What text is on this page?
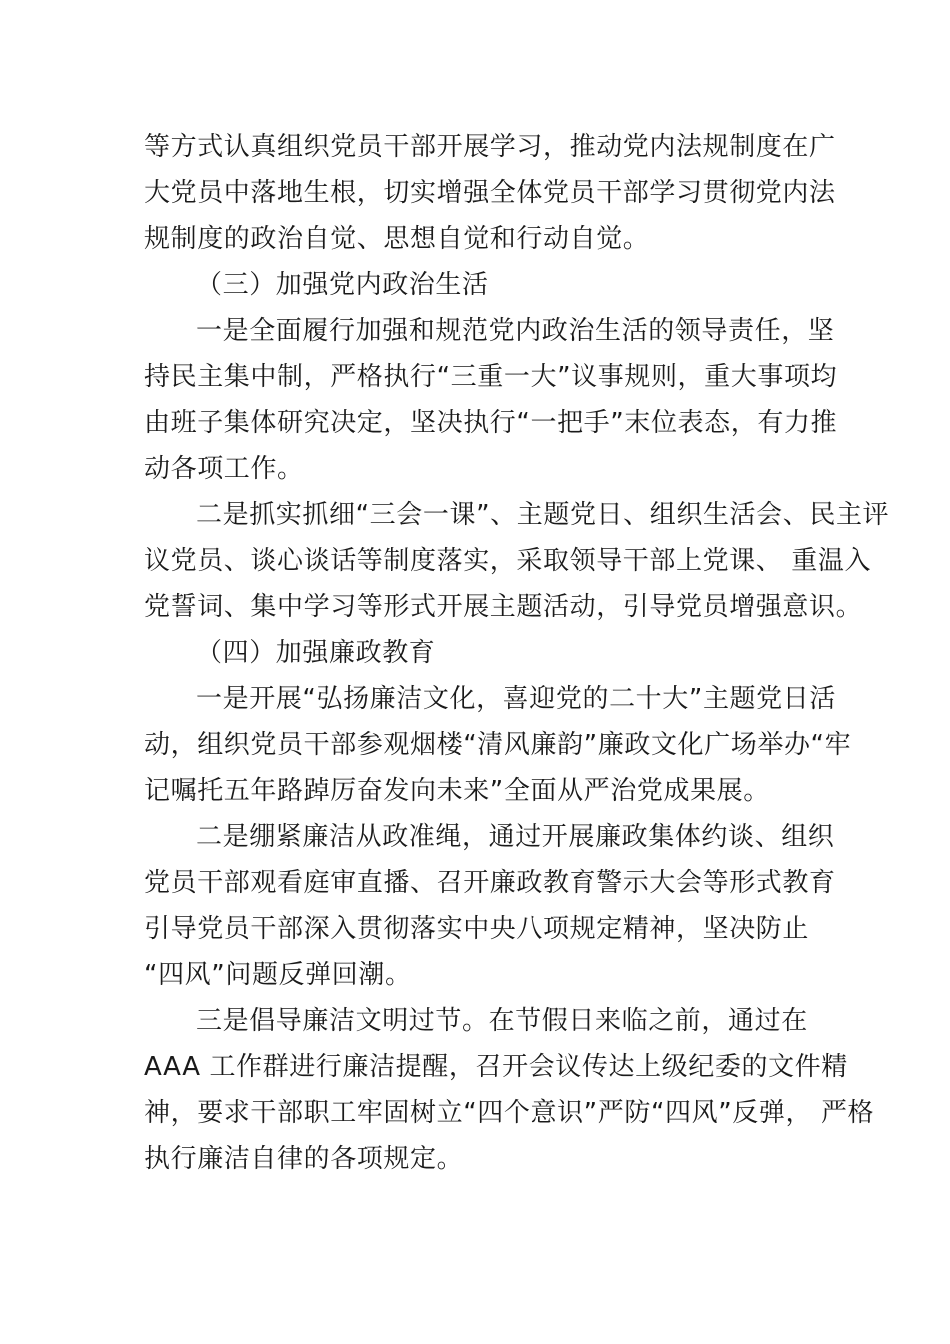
等方式认真组织党员干部开展学习，推动党内法规制度在广
大党员中落地生根，切实增强全体党员干部学习贯彻党内法
规制度的政治自觉、思想自觉和行动自觉。
（三）加强党内政治生活
一是全面履行加强和规范党内政治生活的领导责任，坚
持民主集中制，严格执行“三重一大”议事规则，重大事项均
由班子集体研究决定，坚决执行“一把手”末位表态，有力推
动各项工作。
二是抓实抓细“三会一课”、主题党日、组织生活会、民主评
议党员、谈心谈话等制度落实，采取领导干部上党课、 重温入
党誓词、集中学习等形式开展主题活动，引导党员增强意识。
（四）加强廉政教育
一是开展“弘扬廉洁文化，喜迎党的二十大”主题党日活
动，组织党员干部参观烟楼“清风廉韵”廉政文化广场举办“牢
记嘱托五年路踔厉奋发向未来”全面从严治党成果展。
二是绷紧廉洁从政准绳，通过开展廉政集体约谈、组织
党员干部观看庭审直播、召开廉政教育警示大会等形式教育
引导党员干部深入贯彻落实中央八项规定精神，坚决防止
“四风”问题反弹回潮。
三是倡导廉洁文明过节。在节假日来临之前，通过在
AAA 工作群进行廉洁提醒，召开会议传达上级纪委的文件精
神，要求干部职工牢固树立“四个意识”严防“四风”反弹， 严格
执行廉洁自律的各项规定。
